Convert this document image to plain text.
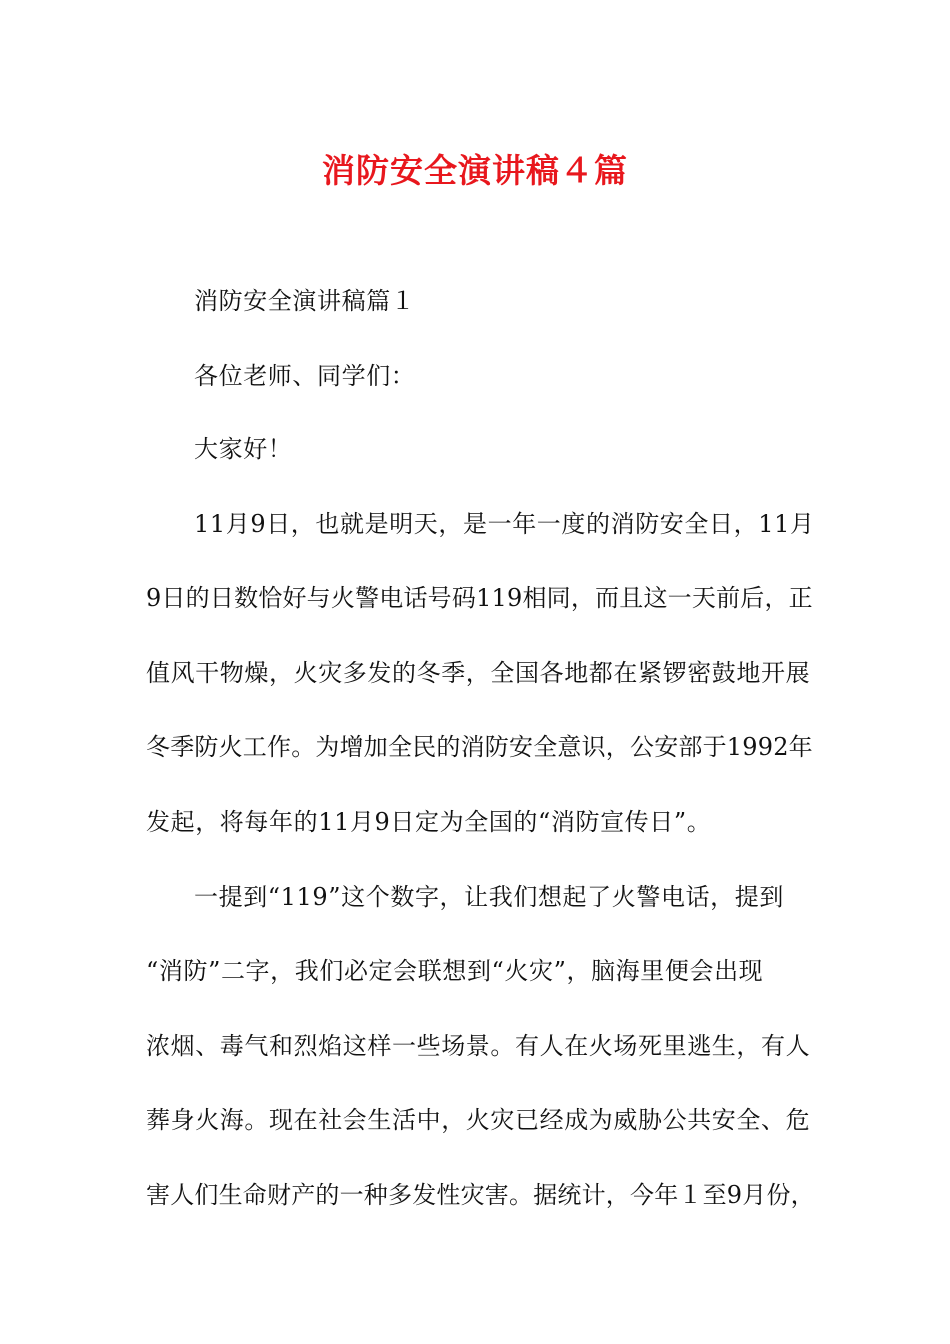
消防安全演讲稿４篇

消防安全演讲稿篇１

各位老师、同学们：

大家好！

11月9日，也就是明天，是一年一度的消防安全日，11月

9日的日数恰好与火警电话号码119相同，而且这一天前后，正

值风干物燥，火灾多发的冬季，全国各地都在紧锣密鼓地开展

冬季防火工作。为增加全民的消防安全意识，公安部于1992年

发起，将每年的11月9日定为全国的“消防宣传日”。

一提到“119”这个数字，让我们想起了火警电话，提到

“消防”二字，我们必定会联想到“火灾”，脑海里便会出现

浓烟、毒气和烈焰这样一些场景。有人在火场死里逃生，有人

葬身火海。现在社会生活中，火灾已经成为威胁公共安全、危

害人们生命财产的一种多发性灾害。据统计，今年１至9月份，
